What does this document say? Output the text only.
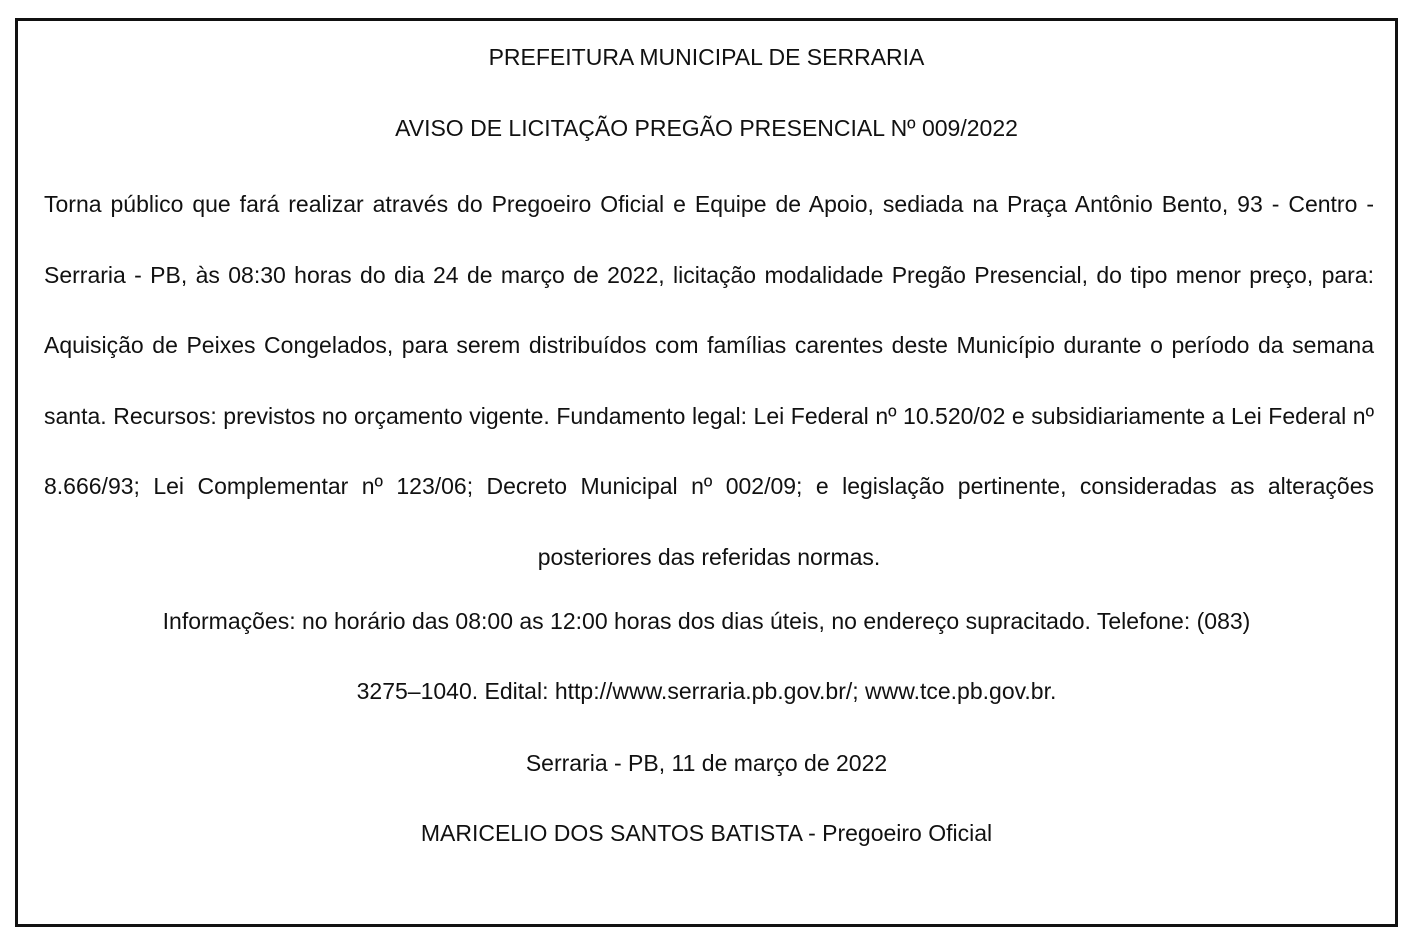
PREFEITURA MUNICIPAL DE SERRARIA
AVISO DE LICITAÇÃO PREGÃO PRESENCIAL Nº 009/2022
Torna público que fará realizar através do Pregoeiro Oficial e Equipe de Apoio, sediada na Praça Antônio Bento, 93 - Centro - Serraria - PB, às 08:30 horas do dia 24 de março de 2022, licitação modalidade Pregão Presencial, do tipo menor preço, para: Aquisição de Peixes Congelados, para serem distribuídos com famílias carentes deste Município durante o período da semana santa. Recursos: previstos no orçamento vigente. Fundamento legal: Lei Federal nº 10.520/02 e subsidiariamente a Lei Federal nº 8.666/93; Lei Complementar nº 123/06; Decreto Municipal nº 002/09; e legislação pertinente, consideradas as alterações posteriores das referidas normas.
Informações: no horário das 08:00 as 12:00 horas dos dias úteis, no endereço supracitado. Telefone: (083)
3275–1040. Edital: http://www.serraria.pb.gov.br/; www.tce.pb.gov.br.
Serraria - PB, 11 de março de 2022
MARICELIO DOS SANTOS BATISTA - Pregoeiro Oficial
